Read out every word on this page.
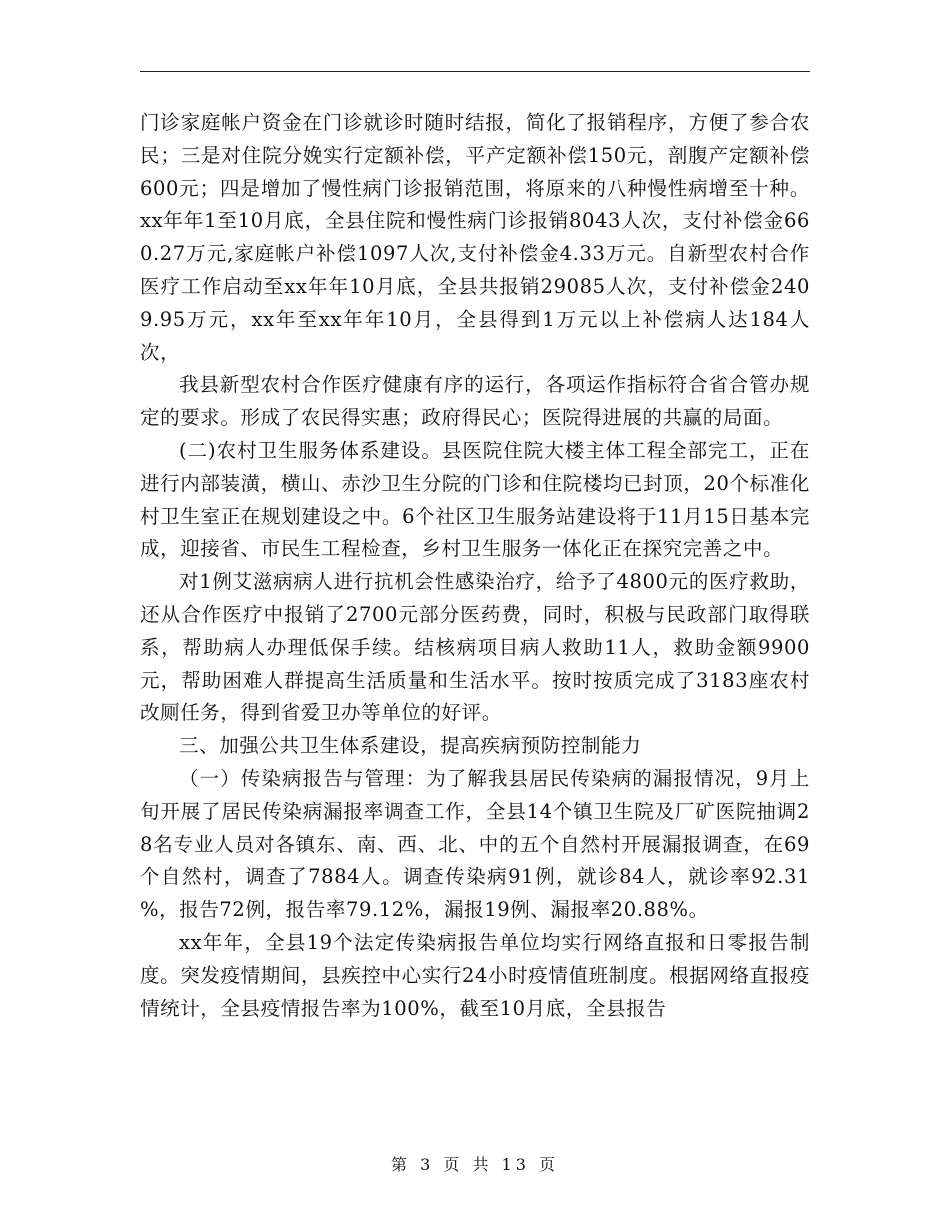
门诊家庭帐户资金在门诊就诊时随时结报，简化了报销程序，方便了参合农民；三是对住院分娩实行定额补偿，平产定额补偿150元，剖腹产定额补偿600元；四是增加了慢性病门诊报销范围，将原来的八种慢性病增至十种。 xx年年1至10月底，全县住院和慢性病门诊报销8043人次，支付补偿金660.27万元,家庭帐户补偿1097人次,支付补偿金4.33万元。自新型农村合作医疗工作启动至xx年年10月底，全县共报销29085人次，支付补偿金2409.95万元，xx年至xx年年10月，全县得到1万元以上补偿病人达184人次，

我县新型农村合作医疗健康有序的运行，各项运作指标符合省合管办规定的要求。形成了农民得实惠；政府得民心；医院得进展的共赢的局面。

(二)农村卫生服务体系建设。县医院住院大楼主体工程全部完工，正在进行内部装潢，横山、赤沙卫生分院的门诊和住院楼均已封顶，20个标准化村卫生室正在规划建设之中。6个社区卫生服务站建设将于11月15日基本完成，迎接省、市民生工程检查，乡村卫生服务一体化正在探究完善之中。

对1例艾滋病病人进行抗机会性感染治疗，给予了4800元的医疗救助，还从合作医疗中报销了2700元部分医药费，同时，积极与民政部门取得联系，帮助病人办理低保手续。结核病项目病人救助11人，救助金额9900元，帮助困难人群提高生活质量和生活水平。按时按质完成了3183座农村改厕任务，得到省爱卫办等单位的好评。

三、加强公共卫生体系建设，提高疾病预防控制能力

（一）传染病报告与管理：为了解我县居民传染病的漏报情况，9月上旬开展了居民传染病漏报率调查工作，全县14个镇卫生院及厂矿医院抽调28名专业人员对各镇东、南、西、北、中的五个自然村开展漏报调查，在69个自然村，调查了7884人。调查传染病91例，就诊84人，就诊率92.31 %，报告72例，报告率79.12%，漏报19例、漏报率20.88%。

xx年年，全县19个法定传染病报告单位均实行网络直报和日零报告制度。突发疫情期间，县疾控中心实行24小时疫情值班制度。根据网络直报疫情统计，全县疫情报告率为100%，截至10月底，全县报告

第 3 页 共 13 页
